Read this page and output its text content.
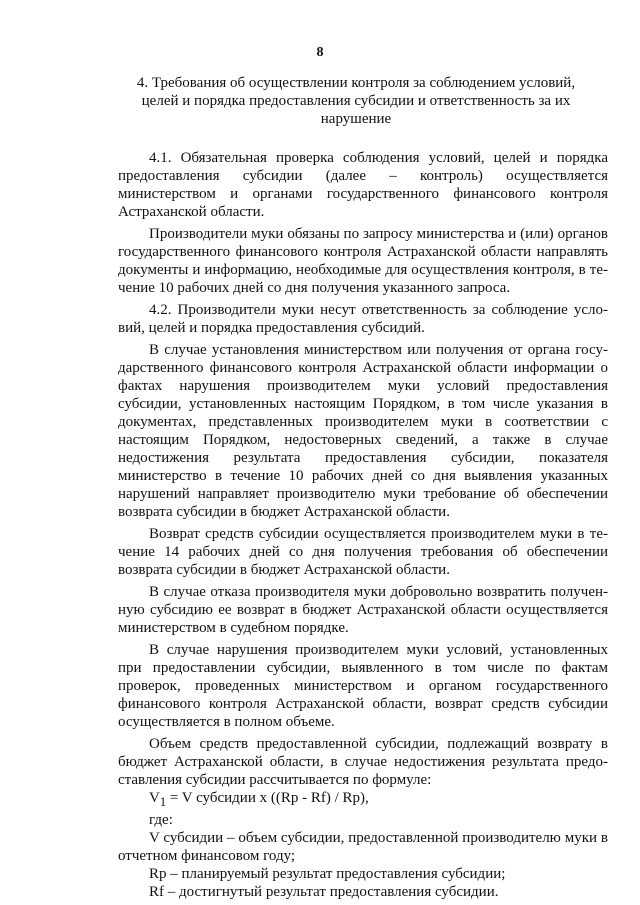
8
4. Требования об осуществлении контроля за соблюдением условий,
целей и порядка предоставления субсидии и ответственность за их
нарушение

4.1. Обязательная проверка соблюдения условий, целей и порядка предоставления субсидии (далее – контроль) осуществляется министерством и органами государственного финансового контроля Астраханской области.

Производители муки обязаны по запросу министерства и (или) органов государственного финансового контроля Астраханской области направлять документы и информацию, необходимые для осуществления контроля, в течение 10 рабочих дней со дня получения указанного запроса.

4.2. Производители муки несут ответственность за соблюдение условий, целей и порядка предоставления субсидий.

В случае установления министерством или получения от органа государственного финансового контроля Астраханской области информации о фактах нарушения производителем муки условий предоставления субсидии, установленных настоящим Порядком, в том числе указания в документах, представленных производителем муки в соответствии с настоящим Порядком, недостоверных сведений, а также в случае недостижения результата предоставления субсидии, показателя министерство в течение 10 рабочих дней со дня выявления указанных нарушений направляет производителю муки требование об обеспечении возврата субсидии в бюджет Астраханской области.

Возврат средств субсидии осуществляется производителем муки в течение 14 рабочих дней со дня получения требования об обеспечении возврата субсидии в бюджет Астраханской области.

В случае отказа производителя муки добровольно возвратить полученную субсидию ее возврат в бюджет Астраханской области осуществляется министерством в судебном порядке.

В случае нарушения производителем муки условий, установленных при предоставлении субсидии, выявленного в том числе по фактам проверок, проведенных министерством и органом государственного финансового контроля Астраханской области, возврат средств субсидии осуществляется в полном объеме.

Объем средств предоставленной субсидии, подлежащий возврату в бюджет Астраханской области, в случае недостижения результата предоставления субсидии рассчитывается по формуле:

$V_1 = V$ субсидии x ((Rp - Rf) / Rp),

где:

V субсидии – объем субсидии, предоставленной производителю муки в отчетном финансовом году;

Rp – планируемый результат предоставления субсидии;

Rf – достигнутый результат предоставления субсидии.
